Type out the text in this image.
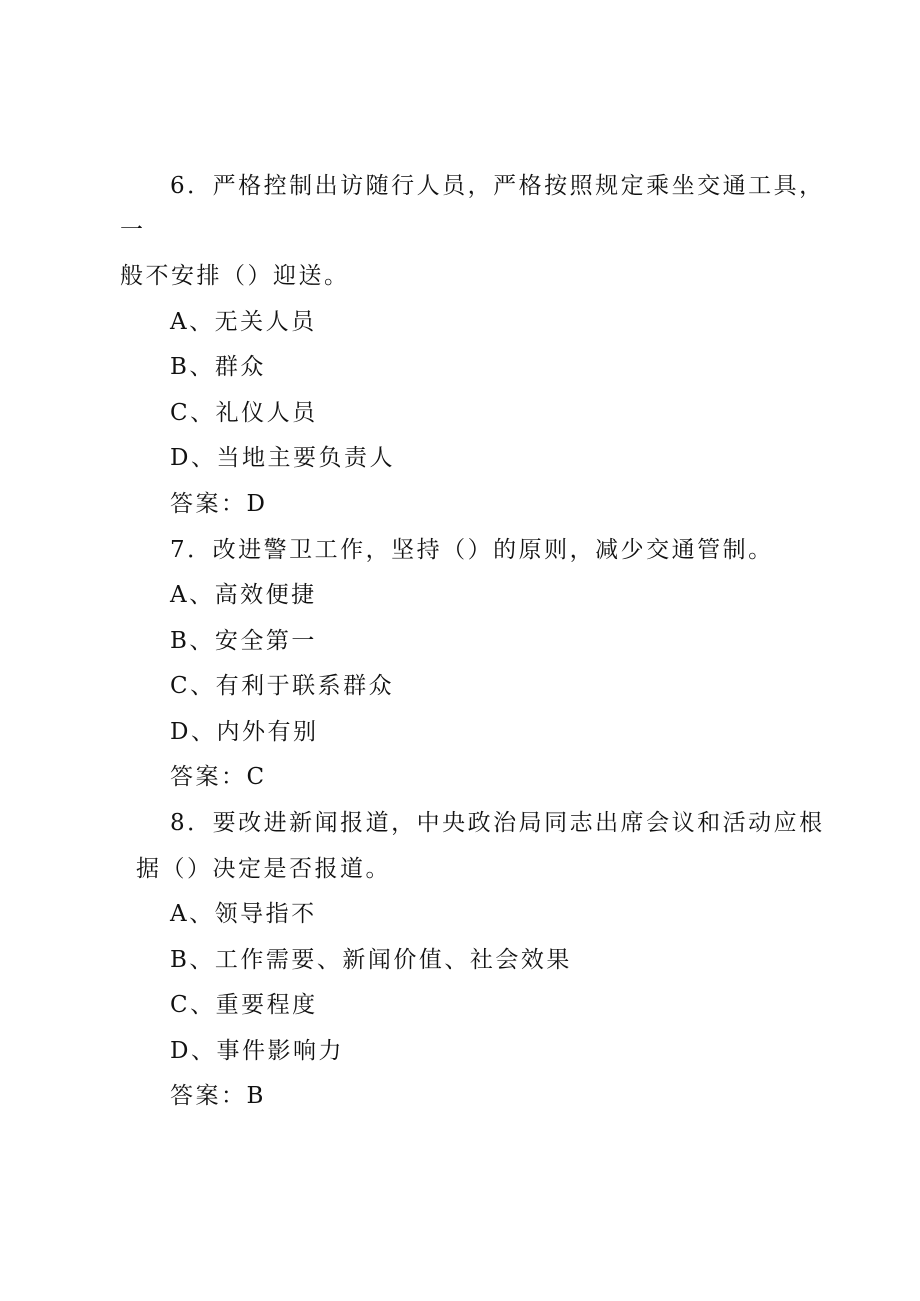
6．严格控制出访随行人员，严格按照规定乘坐交通工具，
一
般不安排（）迎送。
A、无关人员
B、群众
C、礼仪人员
D、当地主要负责人
答案：D
7．改进警卫工作，坚持（）的原则，减少交通管制。
A、高效便捷
B、安全第一
C、有利于联系群众
D、内外有别
答案：C
8．要改进新闻报道，中央政治局同志出席会议和活动应根
据（）决定是否报道。
A、领导指不
B、工作需要、新闻价值、社会效果
C、重要程度
D、事件影响力
答案：B
